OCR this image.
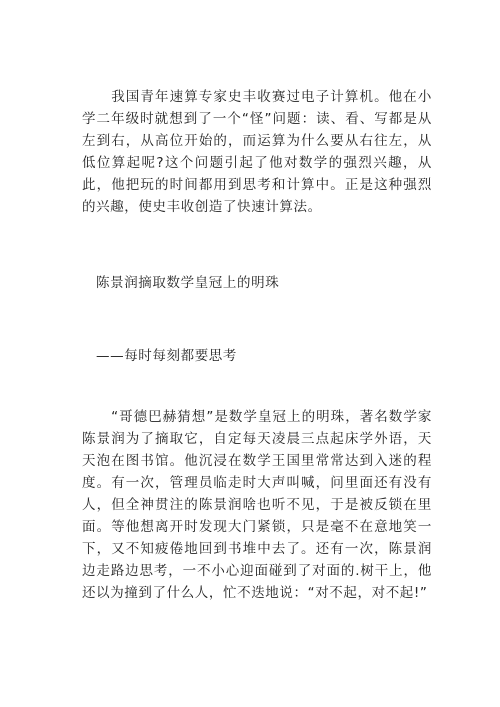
　　我国青年速算专家史丰收赛过电子计算机。他在小学二年级时就想到了一个“怪”问题：读、看、写都是从左到右，从高位开始的，而运算为什么要从右往左，从低位算起呢?这个问题引起了他对数学的强烈兴趣，从此，他把玩的时间都用到思考和计算中。正是这种强烈的兴趣，使史丰收创造了快速计算法。

陈景润摘取数学皇冠上的明珠
——每时每刻都要思考

　　“哥德巴赫猜想”是数学皇冠上的明珠，著名数学家陈景润为了摘取它，自定每天凌晨三点起床学外语，天天泡在图书馆。他沉浸在数学王国里常常达到入迷的程度。有一次，管理员临走时大声叫喊，问里面还有没有人，但全神贯注的陈景润啥也听不见，于是被反锁在里面。等他想离开时发现大门紧锁，只是毫不在意地笑一下，又不知疲倦地回到书堆中去了。还有一次，陈景润边走路边思考，一不小心迎面碰到了对面的.树干上，他还以为撞到了什么人，忙不迭地说：“对不起，对不起!”
